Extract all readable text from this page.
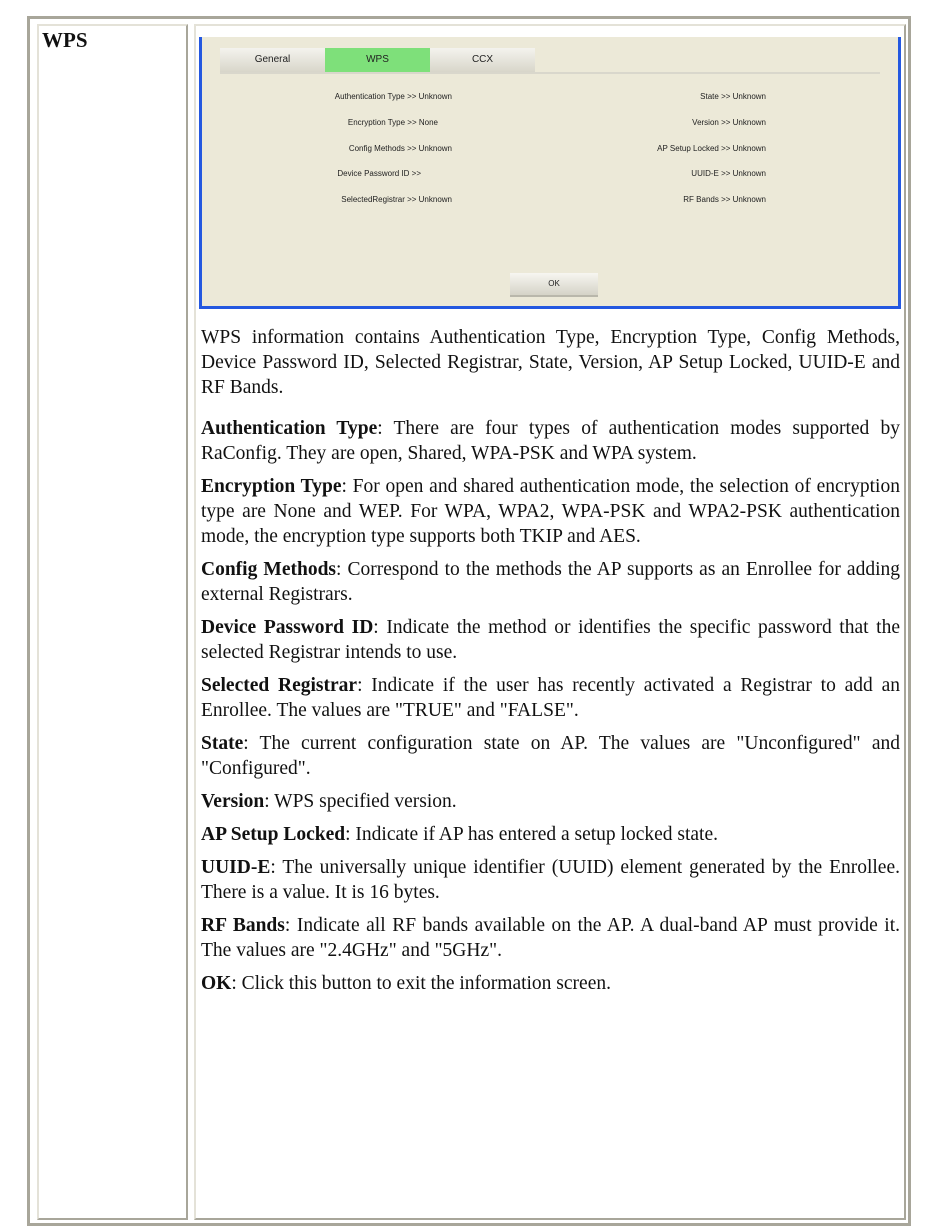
WPS
General	WPS	CCX
Authentication Type >> Unknown
Encryption Type >> None
Config Methods >> Unknown
Device Password ID >>
SelectedRegistrar >> Unknown
State >> Unknown
Version >> Unknown
AP Setup Locked >> Unknown
UUID-E >> Unknown
RF Bands >> Unknown
OK

WPS information contains Authentication Type, Encryption Type, Config Methods, Device Password ID, Selected Registrar, State, Version, AP Setup Locked, UUID-E and RF Bands.

Authentication Type: There are four types of authentication modes supported by RaConfig. They are open, Shared, WPA-PSK and WPA system.

Encryption Type: For open and shared authentication mode, the selection of encryption type are None and WEP. For WPA, WPA2, WPA-PSK and WPA2-PSK authentication mode, the encryption type supports both TKIP and AES.

Config Methods: Correspond to the methods the AP supports as an Enrollee for adding external Registrars.

Device Password ID: Indicate the method or identifies the specific password that the selected Registrar intends to use.

Selected Registrar: Indicate if the user has recently activated a Registrar to add an Enrollee. The values are "TRUE" and "FALSE".

State: The current configuration state on AP. The values are "Unconfigured" and "Configured".

Version: WPS specified version.

AP Setup Locked: Indicate if AP has entered a setup locked state.

UUID-E: The universally unique identifier (UUID) element generated by the Enrollee. There is a value. It is 16 bytes.

RF Bands: Indicate all RF bands available on the AP. A dual-band AP must provide it. The values are "2.4GHz" and "5GHz".

OK: Click this button to exit the information screen.
